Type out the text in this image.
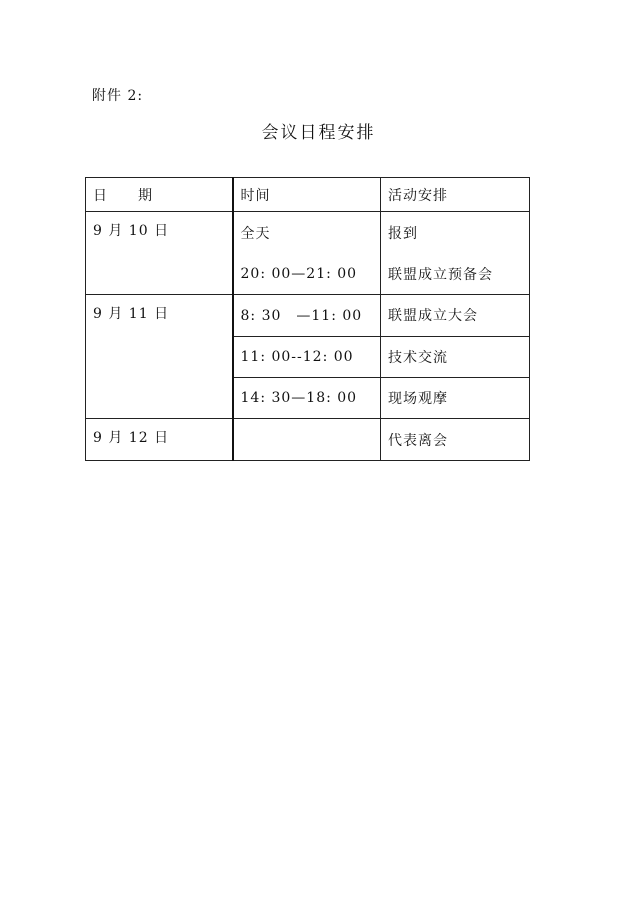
附件 2:
会议日程安排
日　　期	时间	活动安排
9 月 10 日	全天	报到
	20: 00—21: 00	联盟成立预备会
9 月 11 日	8: 30　—11: 00	联盟成立大会
	11: 00--12: 00	技术交流
	14: 30—18: 00	现场观摩
9 月 12 日		代表离会
